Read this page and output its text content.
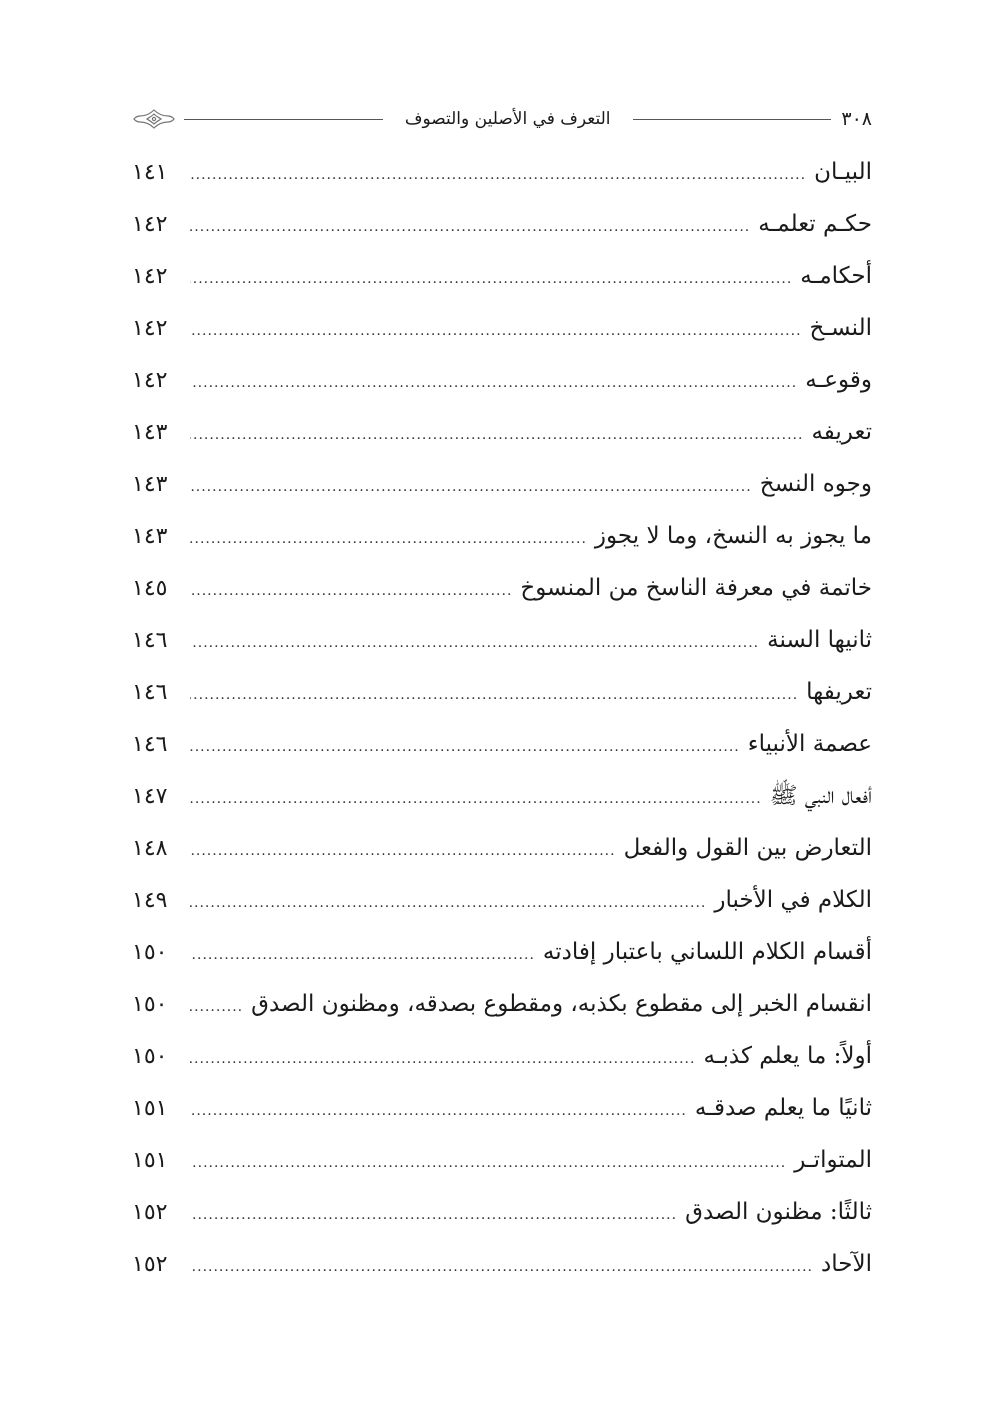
٣٠٨
التعرف في الأصلين والتصوف
البيـان
.....
١٤١
حكـم تعلمـه
.....
١٤٢
أحكامـه
.....
١٤٢
النسـخ
.....
١٤٢
وقوعـه
.....
١٤٢
تعريفه
.....
١٤٣
وجوه النسخ
.....
١٤٣
ما يجوز به النسخ، وما لا يجوز
.....
١٤٣
خاتمة في معرفة الناسخ من المنسوخ
.....
١٤٥
ثانيها السنة
.....
١٤٦
تعريفها
.....
١٤٦
عصمة الأنبياء
.....
١٤٦
أفعال النبي ﷺ
.....
١٤٧
التعارض بين القول والفعل
.....
١٤٨
الكلام في الأخبار
.....
١٤٩
أقسام الكلام اللساني باعتبار إفادته
.....
١٥٠
انقسام الخبر إلى مقطوع بكذبه، ومقطوع بصدقه، ومظنون الصدق
.....
١٥٠
أولاً: ما يعلم كذبـه
.....
١٥٠
ثانيًا ما يعلم صدقـه
.....
١٥١
المتواتـر
.....
١٥١
ثالثًا: مظنون الصدق
.....
١٥٢
الآحاد
.....
١٥٢
